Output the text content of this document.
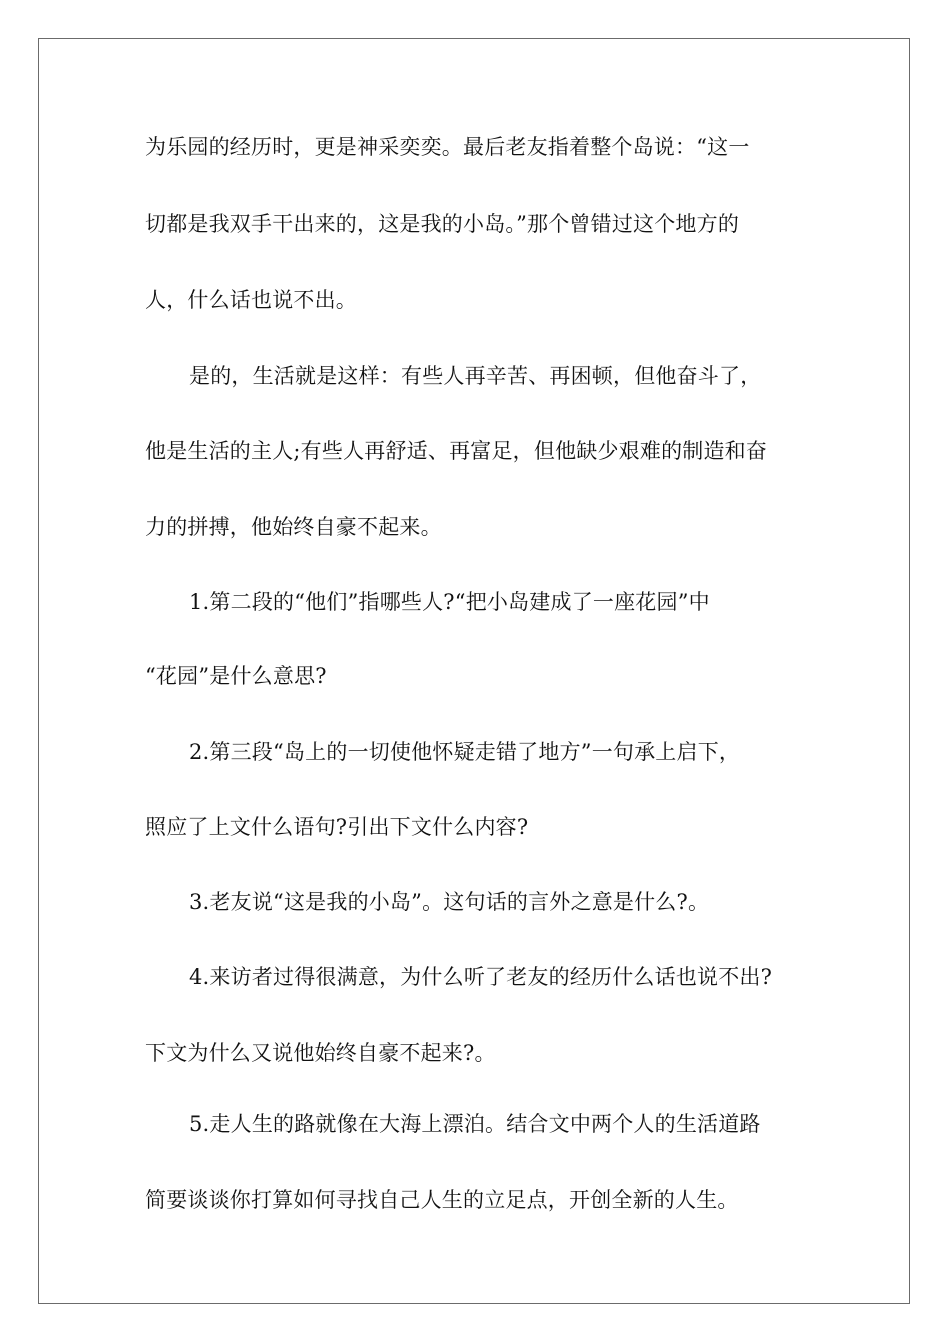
为乐园的经历时，更是神采奕奕。最后老友指着整个岛说：“这一
切都是我双手干出来的，这是我的小岛。”那个曾错过这个地方的
人，什么话也说不出。
是的，生活就是这样：有些人再辛苦、再困顿，但他奋斗了，
他是生活的主人;有些人再舒适、再富足，但他缺少艰难的制造和奋
力的拼搏，他始终自豪不起来。
1.第二段的“他们”指哪些人?“把小岛建成了一座花园”中
“花园”是什么意思?
2.第三段“岛上的一切使他怀疑走错了地方”一句承上启下，
照应了上文什么语句?引出下文什么内容?
3.老友说“这是我的小岛”。这句话的言外之意是什么?。
4.来访者过得很满意，为什么听了老友的经历什么话也说不出?
下文为什么又说他始终自豪不起来?。
5.走人生的路就像在大海上漂泊。结合文中两个人的生活道路
简要谈谈你打算如何寻找自己人生的立足点，开创全新的人生。
